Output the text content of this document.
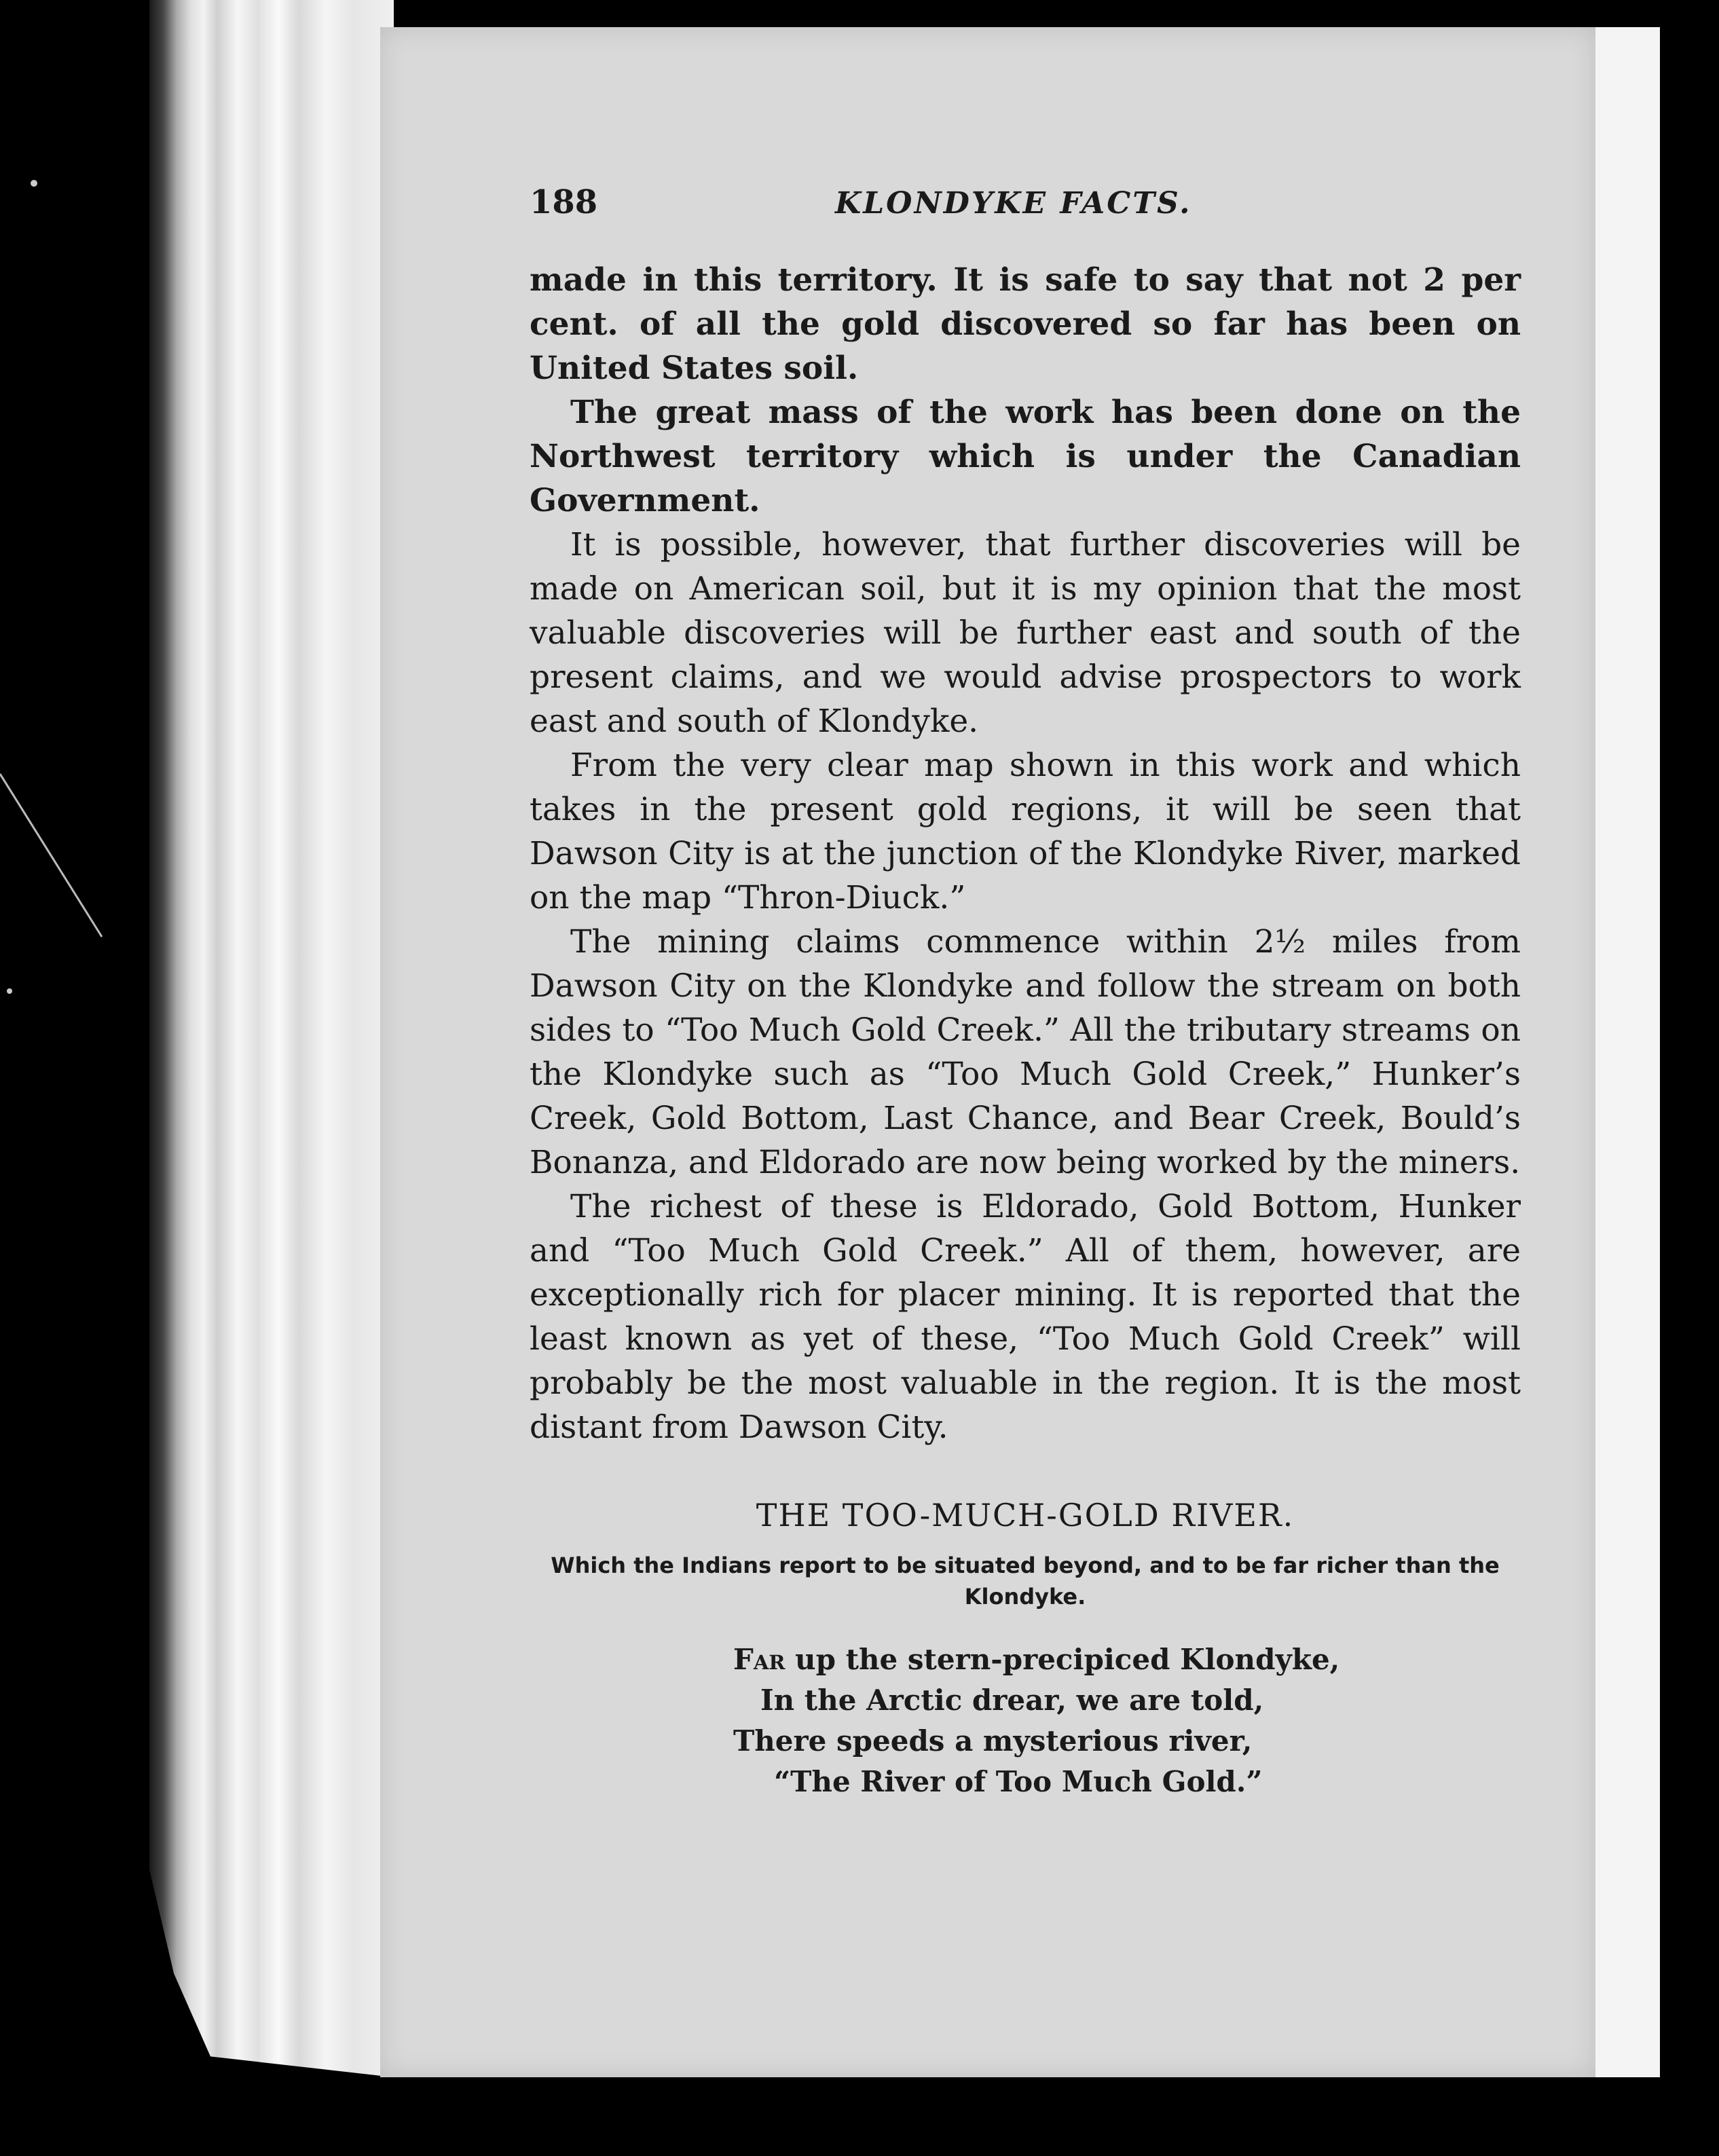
188	KLONDYKE FACTS.

made in this territory. It is safe to say that not 2 per cent. of all the gold discovered so far has been on United States soil.

The great mass of the work has been done on the Northwest territory which is under the Canadian Government.

It is possible, however, that further discoveries will be made on American soil, but it is my opinion that the most valuable discoveries will be further east and south of the present claims, and we would advise prospectors to work east and south of Klondyke.

From the very clear map shown in this work and which takes in the present gold regions, it will be seen that Dawson City is at the junction of the Klondyke River, marked on the map “Thron-Diuck.”

The mining claims commence within 2½ miles from Dawson City on the Klondyke and follow the stream on both sides to “Too Much Gold Creek.” All the tributary streams on the Klondyke such as “Too Much Gold Creek,” Hunker’s Creek, Gold Bottom, Last Chance, and Bear Creek, Bould’s Bonanza, and Eldorado are now being worked by the miners.

The richest of these is Eldorado, Gold Bottom, Hunker and “Too Much Gold Creek.” All of them, however, are exceptionally rich for placer mining. It is reported that the least known as yet of these, “Too Much Gold Creek” will probably be the most valuable in the region. It is the most distant from Dawson City.

THE TOO-MUCH-GOLD RIVER.
Which the Indians report to be situated beyond, and to be far richer than the Klondyke.
Far up the stern-precipiced Klondyke,
In the Arctic drear, we are told,
There speeds a mysterious river,
“The River of Too Much Gold.”
